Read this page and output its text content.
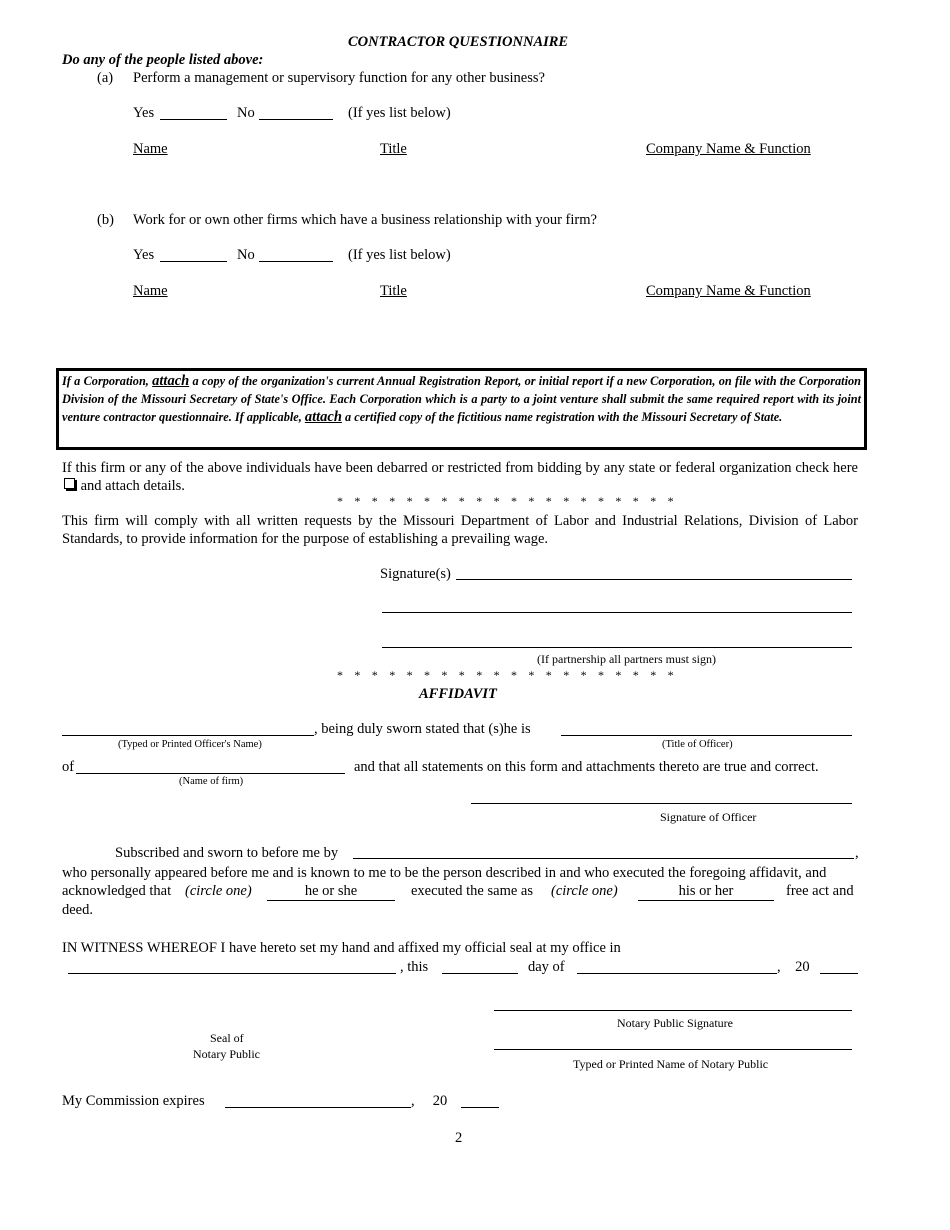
CONTRACTOR QUESTIONNAIRE
Do any of the people listed above:
(a) Perform a management or supervisory function for any other business?
Yes	No	(If yes list below)
Name	Title	Company Name & Function
(b) Work for or own other firms which have a business relationship with your firm?
Yes	No	(If yes list below)
Name	Title	Company Name & Function

If a Corporation, attach a copy of the organization's current Annual Registration Report, or initial report if a new Corporation, on file with the Corporation Division of the Missouri Secretary of State's Office. Each Corporation which is a party to a joint venture shall submit the same required report with its joint venture contractor questionnaire. If applicable, attach a certified copy of the fictitious name registration with the Missouri Secretary of State.

If this firm or any of the above individuals have been debarred or restricted from bidding by any state or federal organization check here  and attach details.
* * * * * * * * * * * * * * * * * * * *
This firm will comply with all written requests by the Missouri Department of Labor and Industrial Relations, Division of Labor Standards, to provide information for the purpose of establishing a prevailing wage.
Signature(s)
(If partnership all partners must sign)
* * * * * * * * * * * * * * * * * * * *
AFFIDAVIT
, being duly sworn stated that (s)he is
(Typed or Printed Officer's Name)	(Title of Officer)
of	and that all statements on this form and attachments thereto are true and correct.
(Name of firm)
Signature of Officer
Subscribed and sworn to before me by	,
who personally appeared before me and is known to me to be the person described in and who executed the foregoing affidavit, and
acknowledged that (circle one)	he or she	executed the same as (circle one)	his or her	free act and
deed.
IN WITNESS WHEREOF I have hereto set my hand and affixed my official seal at my office in
, this	day of	,    20
Notary Public Signature
Seal of
Notary Public
Typed or Printed Name of Notary Public
My Commission expires	,     20
2
